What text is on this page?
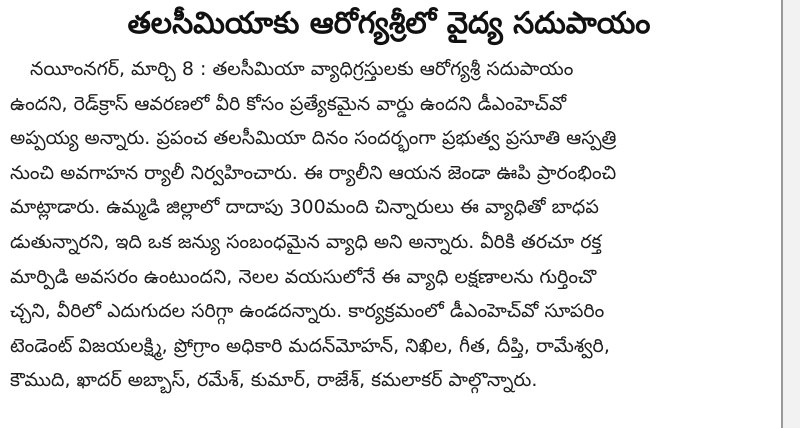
తలసీమియాకు ఆరోగ్యశ్రీలో వైద్య సదుపాయం
నయీంనగర్, మార్చి 8 : తలసీమియా వ్యాధిగ్రస్తులకు ఆరోగ్యశ్రీ సదుపాయం
ఉందని, రెడ్‌క్రాస్ ఆవరణలో వీరి కోసం ప్రత్యేకమైన వార్డు ఉందని డీఎంహెచ్‌వో
అప్పయ్య అన్నారు. ప్రపంచ తలసీమియా దినం సందర్భంగా ప్రభుత్వ ప్రసూతి ఆస్పత్రి
నుంచి అవగాహన ర్యాలీ నిర్వహించారు. ఈ ర్యాలీని ఆయన జెండా ఊపి ప్రారంభించి
మాట్లాడారు. ఉమ్మడి జిల్లాలో దాదాపు 300మంది చిన్నారులు ఈ వ్యాధితో బాధప
డుతున్నారని, ఇది ఒక జన్యు సంబంధమైన వ్యాధి అని అన్నారు. వీరికి తరచూ రక్త
మార్పిడి అవసరం ఉంటుందని, నెలల వయసులోనే ఈ వ్యాధి లక్షణాలను గుర్తించొ
చ్చని, వీరిలో ఎదుగుదల సరిగ్గా ఉండదన్నారు. కార్యక్రమంలో డీఎంహెచ్‌వో సూపరిం
టెండెంట్ విజయలక్ష్మి, ప్రోగ్రాం అధికారి మదన్‌మోహన్, నిఖిల, గీత, దీప్తి, రామేశ్వరి,
కౌముది, ఖాదర్ అబ్బాస్, రమేశ్, కుమార్, రాజేశ్, కమలాకర్ పాల్గొన్నారు.
